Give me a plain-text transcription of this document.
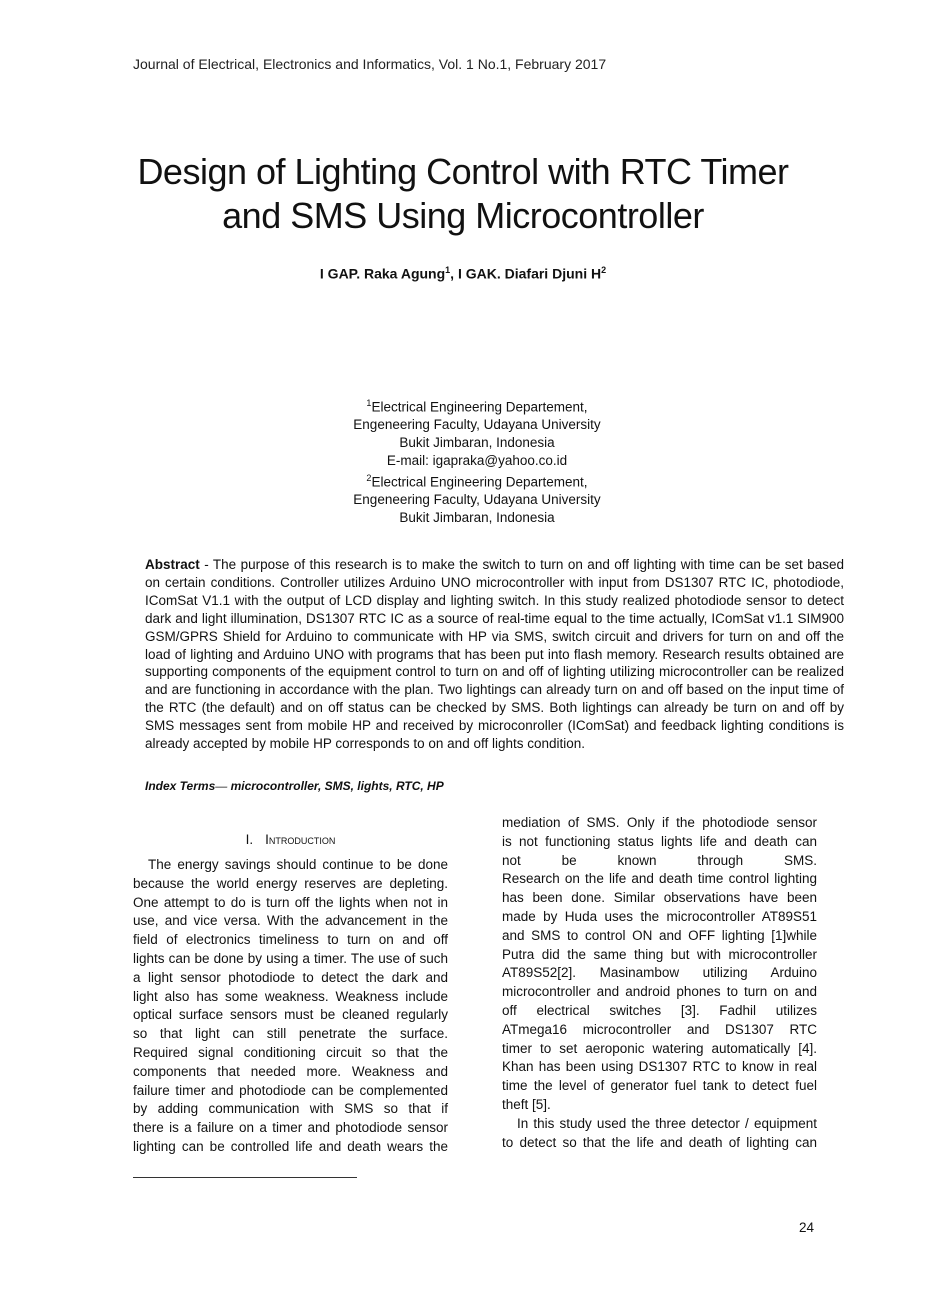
Journal of Electrical, Electronics and Informatics, Vol. 1 No.1, February 2017
Design of Lighting Control with RTC Timer
and SMS Using Microcontroller
I GAP. Raka Agung$^1$, I GAK. Diafari Djuni $H^2$
$^1$Electrical Engineering Departement,
Engeneering Faculty, Udayana University
Bukit Jimbaran, Indonesia
E-mail: igapraka@yahoo.co.id
$^2$Electrical Engineering Departement,
Engeneering Faculty, Udayana University
Bukit Jimbaran, Indonesia
Abstract - The purpose of this research is to make the switch to turn on and off lighting with time can be set based on certain conditions. Controller utilizes Arduino UNO microcontroller with input from DS1307 RTC IC, photodiode, IComSat V1.1 with the output of LCD display and lighting switch. In this study realized photodiode sensor to detect dark and light illumination, DS1307 RTC IC as a source of real-time equal to the time actually, IComSat v1.1 SIM900 GSM/GPRS Shield for Arduino to communicate with HP via SMS, switch circuit and drivers for turn on and off the load of lighting and Arduino UNO with programs that has been put into flash memory. Research results obtained are supporting components of the equipment control to turn on and off of lighting utilizing microcontroller can be realized and are functioning in accordance with the plan. Two lightings can already turn on and off based on the input time of the RTC (the default) and on off status can be checked by SMS. Both lightings can already be turn on and off by SMS messages sent from mobile HP and received by microconroller (IComSat) and feedback lighting conditions is already accepted by mobile HP corresponds to on and off lights condition.
Index Terms— microcontroller, SMS, lights, RTC, HP
I. Introduction

The energy savings should continue to be done

because the world energy reserves are depleting.

One attempt to do is turn off the lights when not in

use, and vice versa. With the advancement in the

field of electronics timeliness to turn on and off

lights can be done by using a timer. The use of such

a light sensor photodiode to detect the dark and

light also has some weakness. Weakness include

optical surface sensors must be cleaned regularly

so that light can still penetrate the surface.

Required signal conditioning circuit so that the

components that needed more. Weakness and

failure timer and photodiode can be complemented

by adding communication with SMS so that if

there is a failure on a timer and photodiode sensor

lighting can be controlled life and death wears the

mediation of SMS. Only if the photodiode sensor

is not functioning status lights life and death can

not be known through SMS.

Research on the life and death time control lighting

has been done. Similar observations have been

made by Huda uses the microcontroller AT89S51

and SMS to control ON and OFF lighting [1]while

Putra did the same thing but with microcontroller

AT89S52[2]. Masinambow utilizing Arduino

microcontroller and android phones to turn on and

off electrical switches [3]. Fadhil utilizes

ATmega16 microcontroller and DS1307 RTC

timer to set aeroponic watering automatically [4].

Khan has been using DS1307 RTC to know in real

time the level of generator fuel tank to detect fuel

theft [5].

In this study used the three detector / equipment

to detect so that the life and death of lighting can

24
